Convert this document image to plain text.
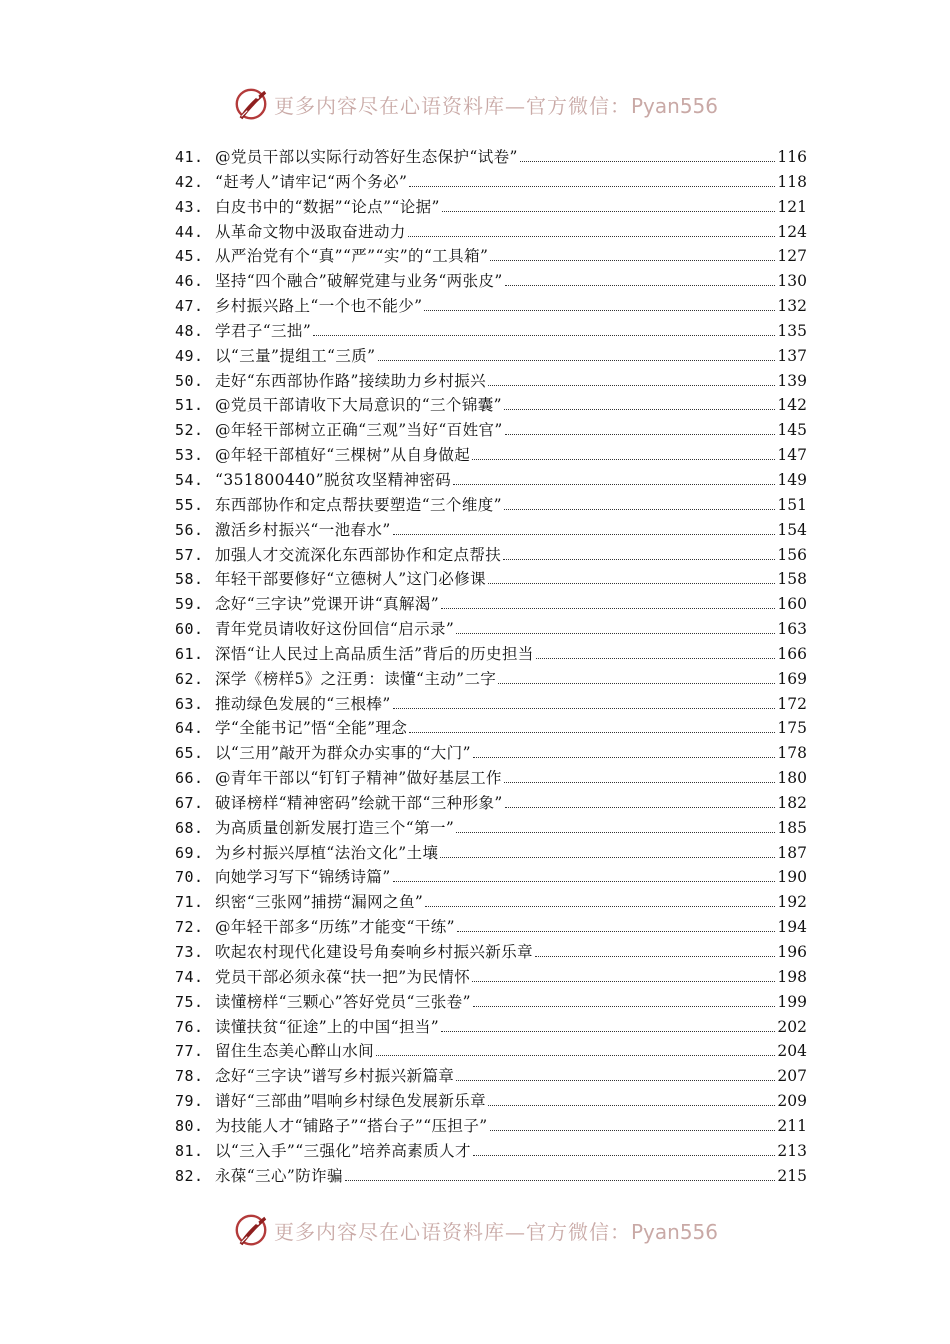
更多内容尽在心语资料库—官方微信：Pyan556
41. @党员干部以实际行动答好生态保护“试卷”	116
42. “赶考人”请牢记“两个务必”	118
43. 白皮书中的“数据”“论点”“论据”	121
44. 从革命文物中汲取奋进动力	124
45. 从严治党有个“真”“严”“实”的“工具箱”	127
46. 坚持“四个融合”破解党建与业务“两张皮”	130
47. 乡村振兴路上“一个也不能少”	132
48. 学君子“三拙”	135
49. 以“三量”提组工“三质”	137
50. 走好“东西部协作路”接续助力乡村振兴	139
51. @党员干部请收下大局意识的“三个锦囊”	142
52. @年轻干部树立正确“三观”当好“百姓官”	145
53. @年轻干部植好“三棵树”从自身做起	147
54. “351800440”脱贫攻坚精神密码	149
55. 东西部协作和定点帮扶要塑造“三个维度”	151
56. 激活乡村振兴“一池春水”	154
57. 加强人才交流深化东西部协作和定点帮扶	156
58. 年轻干部要修好“立德树人”这门必修课	158
59. 念好“三字诀”党课开讲“真解渴”	160
60. 青年党员请收好这份回信“启示录”	163
61. 深悟“让人民过上高品质生活”背后的历史担当	166
62. 深学《榜样5》之汪勇：读懂“主动”二字	169
63. 推动绿色发展的“三根棒”	172
64. 学“全能书记”悟“全能”理念	175
65. 以“三用”敲开为群众办实事的“大门”	178
66. @青年干部以“钉钉子精神”做好基层工作	180
67. 破译榜样“精神密码”绘就干部“三种形象”	182
68. 为高质量创新发展打造三个“第一”	185
69. 为乡村振兴厚植“法治文化”土壤	187
70. 向她学习写下“锦绣诗篇”	190
71. 织密“三张网”捕捞“漏网之鱼”	192
72. @年轻干部多“历练”才能变“干练”	194
73. 吹起农村现代化建设号角奏响乡村振兴新乐章	196
74. 党员干部必须永葆“扶一把”为民情怀	198
75. 读懂榜样“三颗心”答好党员“三张卷”	199
76. 读懂扶贫“征途”上的中国“担当”	202
77. 留住生态美心醉山水间	204
78. 念好“三字诀”谱写乡村振兴新篇章	207
79. 谱好“三部曲”唱响乡村绿色发展新乐章	209
80. 为技能人才“铺路子”“搭台子”“压担子”	211
81. 以“三入手”“三强化”培养高素质人才	213
82. 永葆“三心”防诈骗	215
更多内容尽在心语资料库—官方微信：Pyan556
